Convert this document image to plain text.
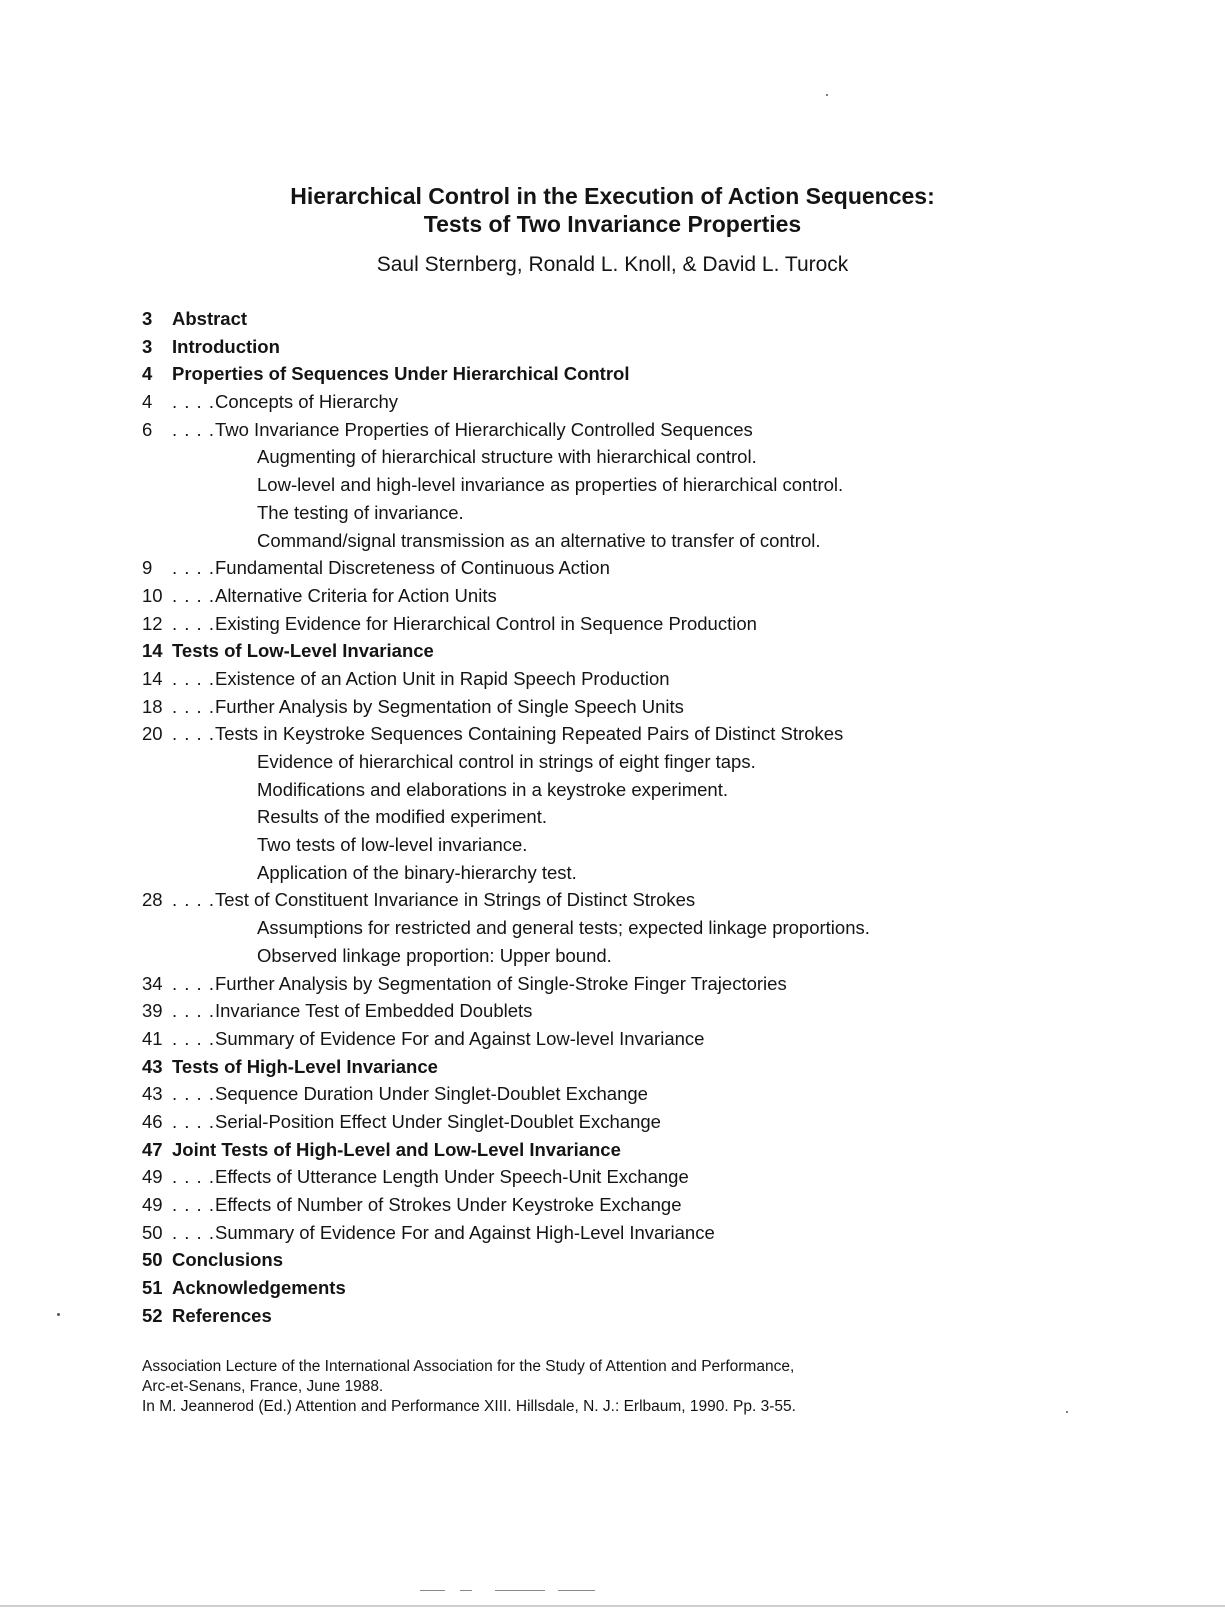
Hierarchical Control in the Execution of Action Sequences:
Tests of Two Invariance Properties
Saul Sternberg, Ronald L. Knoll, & David L. Turock
3 Abstract
3 Introduction
4 Properties of Sequences Under Hierarchical Control
4 . . . .Concepts of Hierarchy
6 . . . .Two Invariance Properties of Hierarchically Controlled Sequences
Augmenting of hierarchical structure with hierarchical control.
Low-level and high-level invariance as properties of hierarchical control.
The testing of invariance.
Command/signal transmission as an alternative to transfer of control.
9 . . . .Fundamental Discreteness of Continuous Action
10 . . . .Alternative Criteria for Action Units
12 . . . .Existing Evidence for Hierarchical Control in Sequence Production
14 Tests of Low-Level Invariance
14 . . . .Existence of an Action Unit in Rapid Speech Production
18 . . . .Further Analysis by Segmentation of Single Speech Units
20 . . . .Tests in Keystroke Sequences Containing Repeated Pairs of Distinct Strokes
Evidence of hierarchical control in strings of eight finger taps.
Modifications and elaborations in a keystroke experiment.
Results of the modified experiment.
Two tests of low-level invariance.
Application of the binary-hierarchy test.
28 . . . .Test of Constituent Invariance in Strings of Distinct Strokes
Assumptions for restricted and general tests; expected linkage proportions.
Observed linkage proportion: Upper bound.
34 . . . .Further Analysis by Segmentation of Single-Stroke Finger Trajectories
39 . . . .Invariance Test of Embedded Doublets
41 . . . .Summary of Evidence For and Against Low-level Invariance
43 Tests of High-Level Invariance
43 . . . .Sequence Duration Under Singlet-Doublet Exchange
46 . . . .Serial-Position Effect Under Singlet-Doublet Exchange
47 Joint Tests of High-Level and Low-Level Invariance
49 . . . .Effects of Utterance Length Under Speech-Unit Exchange
49 . . . .Effects of Number of Strokes Under Keystroke Exchange
50 . . . .Summary of Evidence For and Against High-Level Invariance
50 Conclusions
51 Acknowledgements
52 References
Association Lecture of the International Association for the Study of Attention and Performance,
Arc-et-Senans, France, June 1988.
In M. Jeannerod (Ed.) Attention and Performance XIII. Hillsdale, N. J.: Erlbaum, 1990. Pp. 3-55.
